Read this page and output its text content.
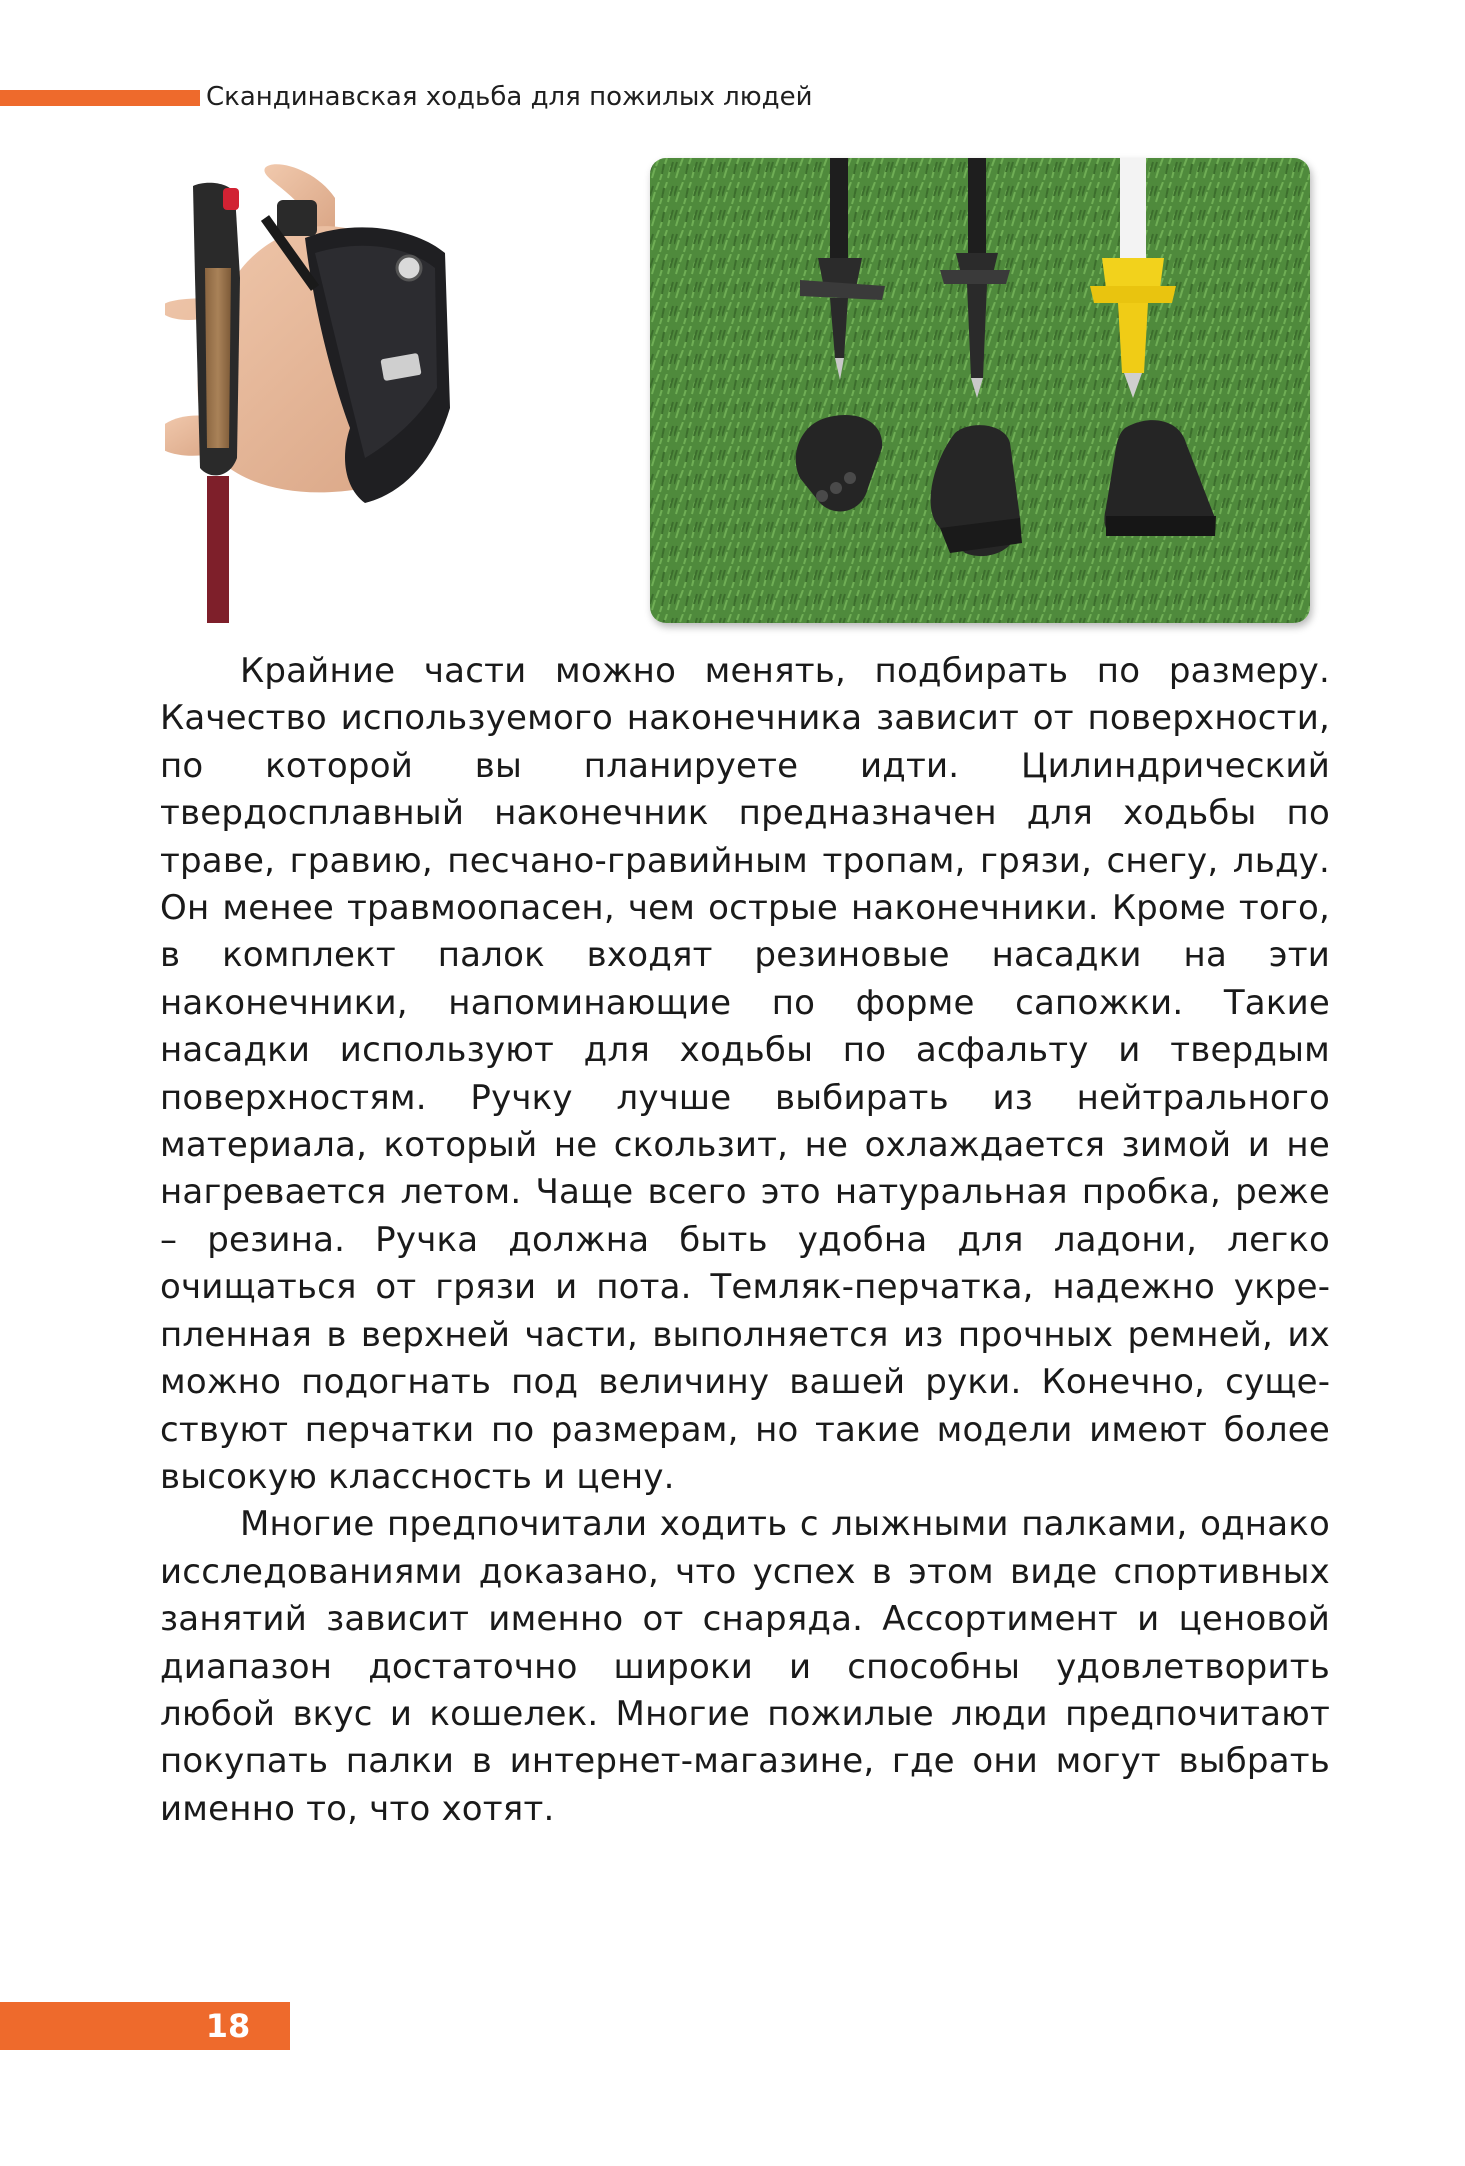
Скандинавская ходьба для пожилых людей

Крайние части можно менять, подбирать по размеру. Качество используемого наконечника зависит от поверхности, по которой вы планируете идти. Цилиндрический твердосплавный наконечник предназначен для ходьбы по траве, гравию, песчано-гравийным тропам, грязи, снегу, льду. Он менее травмоопасен, чем острые наконечники. Кроме того, в комплект палок входят резиновые насадки на эти наконечники, напоминающие по форме сапожки. Такие насадки используют для ходьбы по асфальту и твердым поверхностям. Ручку лучше выбирать из нейтрального материала, который не скользит, не охлаждается зимой и не нагревается летом. Чаще всего это натуральная пробка, реже – резина. Ручка должна быть удобна для ладони, легко очищаться от грязи и пота. Темляк-перчатка, надежно укрепленная в верхней части, выполняется из прочных ремней, их можно подогнать под величину вашей руки. Конечно, существуют перчатки по размерам, но такие модели имеют более высокую классность и цену.

Многие предпочитали ходить с лыжными палками, однако исследованиями доказано, что успех в этом виде спортивных занятий зависит именно от снаряда. Ассортимент и ценовой диапазон достаточно широки и способны удовлетворить любой вкус и кошелек. Многие пожилые люди предпочитают покупать палки в интернет-магазине, где они могут выбрать именно то, что хотят.

18
